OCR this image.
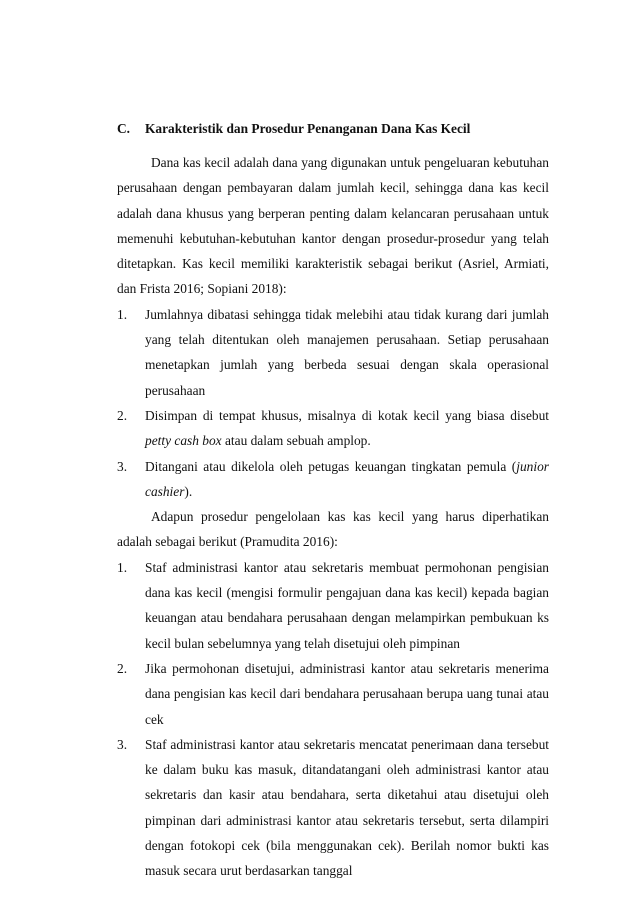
C.	Karakteristik dan Prosedur Penanganan Dana Kas Kecil

Dana kas kecil adalah dana yang digunakan untuk pengeluaran kebutuhan perusahaan dengan pembayaran dalam jumlah kecil, sehingga dana kas kecil adalah dana khusus yang berperan penting dalam kelancaran perusahaan untuk memenuhi kebutuhan-kebutuhan kantor dengan prosedur-prosedur yang telah ditetapkan. Kas kecil memiliki karakteristik sebagai berikut (Asriel, Armiati, dan Frista 2016; Sopiani 2018):

1.	Jumlahnya dibatasi sehingga tidak melebihi atau tidak kurang dari jumlah yang telah ditentukan oleh manajemen perusahaan. Setiap perusahaan menetapkan jumlah yang berbeda sesuai dengan skala operasional perusahaan
2.	Disimpan di tempat khusus, misalnya di kotak kecil yang biasa disebut petty cash box atau dalam sebuah amplop.
3.	Ditangani atau dikelola oleh petugas keuangan tingkatan pemula (junior cashier).

Adapun prosedur pengelolaan kas kas kecil yang harus diperhatikan adalah sebagai berikut (Pramudita 2016):

1.	Staf administrasi kantor atau sekretaris membuat permohonan pengisian dana kas kecil (mengisi formulir pengajuan dana kas kecil) kepada bagian keuangan atau bendahara perusahaan dengan melampirkan pembukuan ks kecil bulan sebelumnya yang telah disetujui oleh pimpinan
2.	Jika permohonan disetujui, administrasi kantor atau sekretaris menerima dana pengisian kas kecil dari bendahara perusahaan berupa uang tunai atau cek
3.	Staf administrasi kantor atau sekretaris mencatat penerimaan dana tersebut ke dalam buku kas masuk, ditandatangani oleh administrasi kantor atau sekretaris dan kasir atau bendahara, serta diketahui atau disetujui oleh pimpinan dari administrasi kantor atau sekretaris tersebut, serta dilampiri dengan fotokopi cek (bila menggunakan cek). Berilah nomor bukti kas masuk secara urut berdasarkan tanggal
